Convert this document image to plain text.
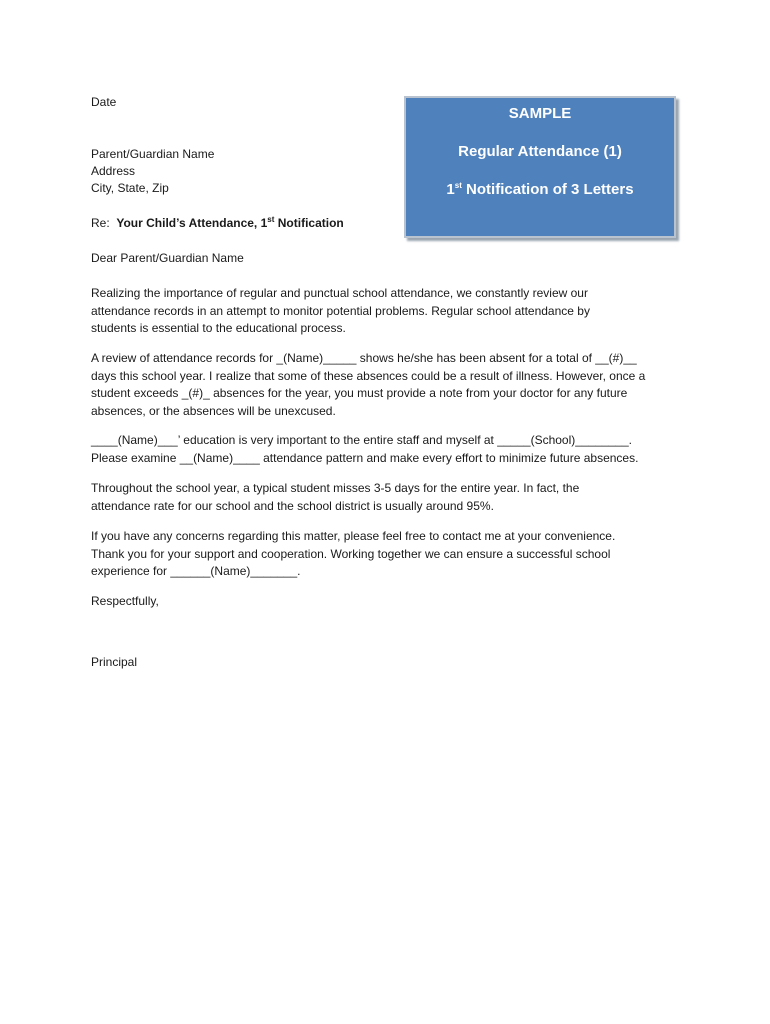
Date
SAMPLE
Regular Attendance (1)
1st Notification of 3 Letters
Parent/Guardian Name
Address
City, State, Zip
Re: Your Child’s Attendance, 1st Notification
Dear Parent/Guardian Name
Realizing the importance of regular and punctual school attendance, we constantly review our
attendance records in an attempt to monitor potential problems. Regular school attendance by
students is essential to the educational process.
A review of attendance records for _(Name)_____ shows he/she has been absent for a total of __(#)__
days this school year. I realize that some of these absences could be a result of illness. However, once a
student exceeds _(#)_ absences for the year, you must provide a note from your doctor for any future
absences, or the absences will be unexcused.
____(Name)___’ education is very important to the entire staff and myself at _____(School)________.
Please examine __(Name)____ attendance pattern and make every effort to minimize future absences.
Throughout the school year, a typical student misses 3-5 days for the entire year. In fact, the
attendance rate for our school and the school district is usually around 95%.
If you have any concerns regarding this matter, please feel free to contact me at your convenience.
Thank you for your support and cooperation. Working together we can ensure a successful school
experience for ______(Name)_______.
Respectfully,
Principal
